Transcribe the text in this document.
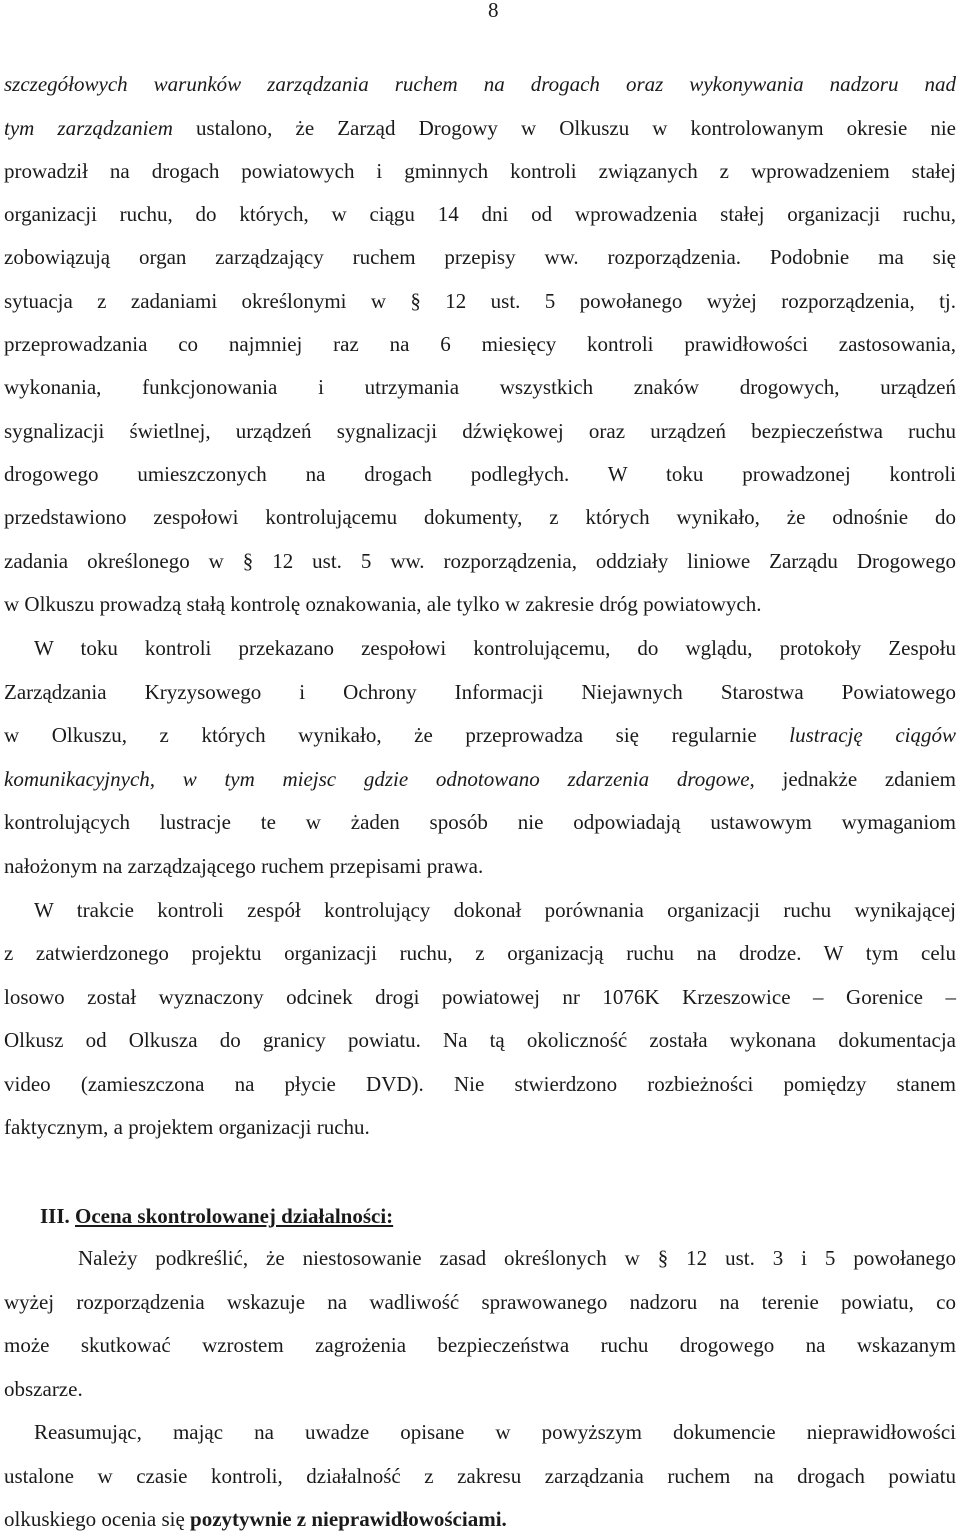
8
szczegółowych warunków zarządzania ruchem na drogach oraz wykonywania nadzoru nad
tym zarządzaniem ustalono, że Zarząd Drogowy w Olkuszu w kontrolowanym okresie nie
prowadził na drogach powiatowych i gminnych kontroli związanych z wprowadzeniem stałej
organizacji ruchu, do których, w ciągu 14 dni od wprowadzenia stałej organizacji ruchu,
zobowiązują organ zarządzający ruchem przepisy ww. rozporządzenia. Podobnie ma się
sytuacja z zadaniami określonymi w § 12 ust. 5 powołanego wyżej rozporządzenia, tj.
przeprowadzania co najmniej raz na 6 miesięcy kontroli prawidłowości zastosowania,
wykonania, funkcjonowania i utrzymania wszystkich znaków drogowych, urządzeń
sygnalizacji świetlnej, urządzeń sygnalizacji dźwiękowej oraz urządzeń bezpieczeństwa ruchu
drogowego umieszczonych na drogach podległych. W toku prowadzonej kontroli
przedstawiono zespołowi kontrolującemu dokumenty, z których wynikało, że odnośnie do
zadania określonego w § 12 ust. 5 ww. rozporządzenia, oddziały liniowe Zarządu Drogowego
w Olkuszu prowadzą stałą kontrolę oznakowania, ale tylko w zakresie dróg powiatowych.
W toku kontroli przekazano zespołowi kontrolującemu, do wglądu, protokoły Zespołu
Zarządzania Kryzysowego i Ochrony Informacji Niejawnych Starostwa Powiatowego
w Olkuszu, z których wynikało, że przeprowadza się regularnie lustrację ciągów
komunikacyjnych, w tym miejsc gdzie odnotowano zdarzenia drogowe, jednakże zdaniem
kontrolujących lustracje te w żaden sposób nie odpowiadają ustawowym wymaganiom
nałożonym na zarządzającego ruchem przepisami prawa.
W trakcie kontroli zespół kontrolujący dokonał porównania organizacji ruchu wynikającej
z zatwierdzonego projektu organizacji ruchu, z organizacją ruchu na drodze. W tym celu
losowo został wyznaczony odcinek drogi powiatowej nr 1076K Krzeszowice – Gorenice –
Olkusz od Olkusza do granicy powiatu. Na tą okoliczność została wykonana dokumentacja
video (zamieszczona na płycie DVD). Nie stwierdzono rozbieżności pomiędzy stanem
faktycznym, a projektem organizacji ruchu.
III. Ocena skontrolowanej działalności:
Należy podkreślić, że niestosowanie zasad określonych w § 12 ust. 3 i 5 powołanego
wyżej rozporządzenia wskazuje na wadliwość sprawowanego nadzoru na terenie powiatu, co
może skutkować wzrostem zagrożenia bezpieczeństwa ruchu drogowego na wskazanym
obszarze.
Reasumując, mając na uwadze opisane w powyższym dokumencie nieprawidłowości
ustalone w czasie kontroli, działalność z zakresu zarządzania ruchem na drogach powiatu
olkuskiego ocenia się pozytywnie z nieprawidłowościami.
